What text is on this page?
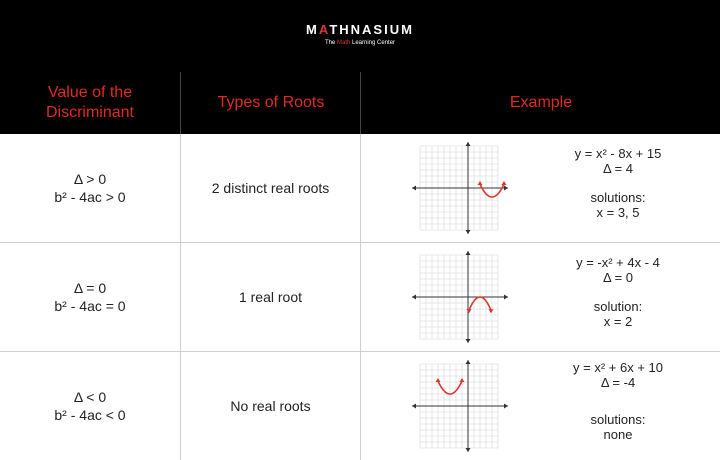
MATHNASIUM
The Math Learning Center
Value of the Discriminant
Types of Roots	Example
Δ > 0
b² - 4ac > 0
2 distinct real roots
y = x² - 8x + 15
Δ = 4
solutions:
x = 3, 5
Δ = 0
b² - 4ac = 0
1 real root
y = -x² + 4x - 4
Δ = 0
solution:
x = 2
Δ < 0
b² - 4ac < 0
No real roots
y = x² + 6x + 10
Δ = -4
solutions:
none
